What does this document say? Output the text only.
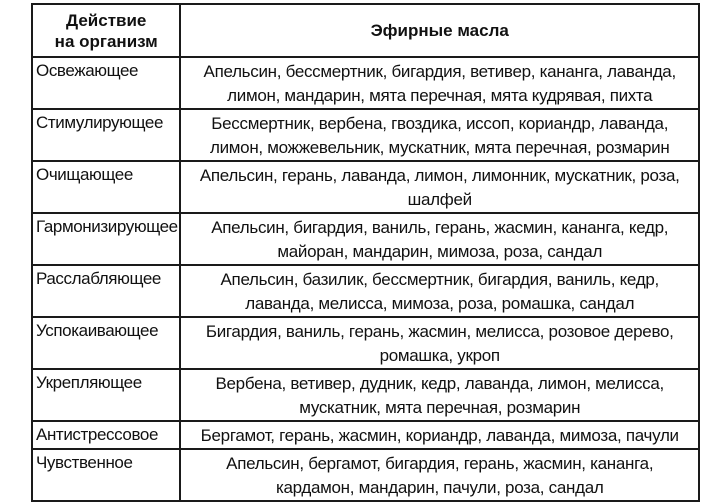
Действие
на организм	Эфирные масла
Освежающее	Апельсин, бессмертник, бигардия, ветивер, кананга, лаванда,
лимон, мандарин, мята перечная, мята кудрявая, пихта

Стимулирующее	Бессмертник, вербена, гвоздика, иссоп, кориандр, лаванда,
лимон, можжевельник, мускатник, мята перечная, розмарин

Очищающее	Апельсин, герань, лаванда, лимон, лимонник, мускатник, роза,
шалфей

Гармонизирующее	Апельсин, бигардия, ваниль, герань, жасмин, кананга, кедр,
майоран, мандарин, мимоза, роза, сандал

Расслабляющее	Апельсин, базилик, бессмертник, бигардия, ваниль, кедр,
лаванда, мелисса, мимоза, роза, ромашка, сандал

Успокаивающее	Бигардия, ваниль, герань, жасмин, мелисса, розовое дерево,
ромашка, укроп

Укрепляющее	Вербена, ветивер, дудник, кедр, лаванда, лимон, мелисса,
мускатник, мята перечная, розмарин

Антистрессовое	Бергамот, герань, жасмин, кориандр, лаванда, мимоза, пачули

Чувственное	Апельсин, бергамот, бигардия, герань, жасмин, кананга,
кардамон, мандарин, пачули, роза, сандал
